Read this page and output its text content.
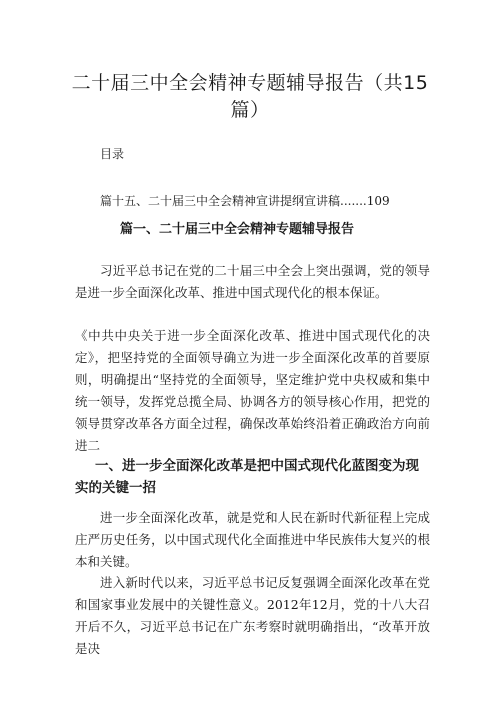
二十届三中全会精神专题辅导报告（共15篇）
目录
篇十五、二十届三中全会精神宣讲提纲宣讲稿.......109
篇一、二十届三中全会精神专题辅导报告

习近平总书记在党的二十届三中全会上突出强调，党的领导是进一步全面深化改革、推进中国式现代化的根本保证。

《中共中央关于进一步全面深化改革、推进中国式现代化的决定》，把坚持党的全面领导确立为进一步全面深化改革的首要原则，明确提出“坚持党的全面领导，坚定维护党中央权威和集中统一领导，发挥党总揽全局、协调各方的领导核心作用，把党的领导贯穿改革各方面全过程，确保改革始终沿着正确政治方向前进二

一、进一步全面深化改革是把中国式现代化蓝图变为现实的关键一招

进一步全面深化改革，就是党和人民在新时代新征程上完成庄严历史任务，以中国式现代化全面推进中华民族伟大复兴的根本和关键。

进入新时代以来，习近平总书记反复强调全面深化改革在党和国家事业发展中的关键性意义。2012年12月，党的十八大召开后不久，习近平总书记在广东考察时就明确指出，“改革开放是决
